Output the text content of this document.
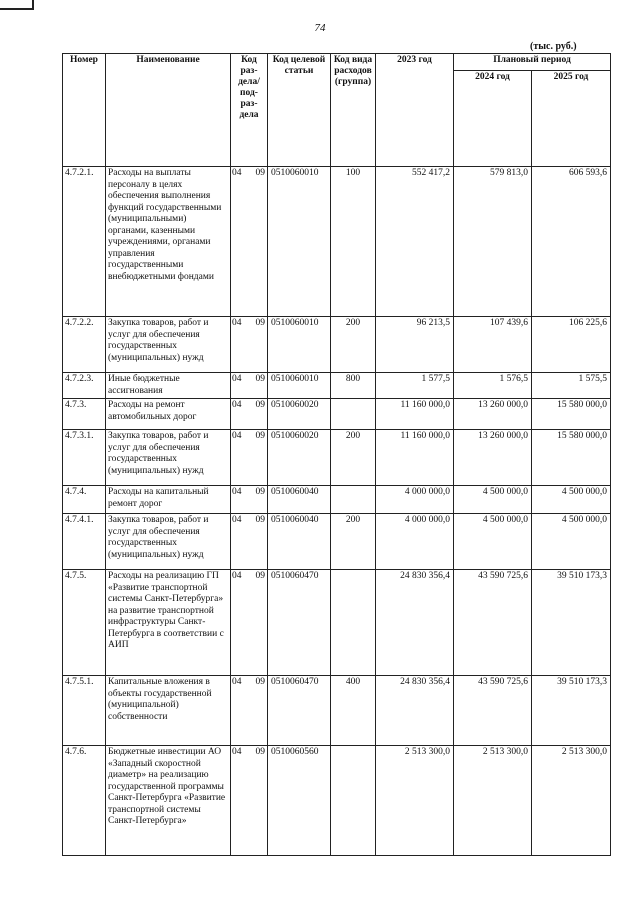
74
(тыс. руб.)
Номер	Наименование	Код раз-дела/ под-раз-дела		Код целевой статьи	Код вида расходов (группа)	2023 год	Плановый период	
							2024 год	2025 год
4.7.2.1.	Расходы на выплаты персоналу в целях обеспечения выполнения функций государственными (муниципальными) органами, казенными учреждениями, органами управления государственными внебюджетными фондами	04	09	0510060010	100	552 417,2	579 813,0	606 593,6
4.7.2.2.	Закупка товаров, работ и услуг для обеспечения государственных (муниципальных) нужд	04	09	0510060010	200	96 213,5	107 439,6	106 225,6
4.7.2.3.	Иные бюджетные ассигнования	04	09	0510060010	800	1 577,5	1 576,5	1 575,5
4.7.3.	Расходы на ремонт автомобильных дорог	04	09	0510060020		11 160 000,0	13 260 000,0	15 580 000,0
4.7.3.1.	Закупка товаров, работ и услуг для обеспечения государственных (муниципальных) нужд	04	09	0510060020	200	11 160 000,0	13 260 000,0	15 580 000,0
4.7.4.	Расходы на капитальный ремонт дорог	04	09	0510060040		4 000 000,0	4 500 000,0	4 500 000,0
4.7.4.1.	Закупка товаров, работ и услуг для обеспечения государственных (муниципальных) нужд	04	09	0510060040	200	4 000 000,0	4 500 000,0	4 500 000,0
4.7.5.	Расходы на реализацию ГП «Развитие транспортной системы Санкт-Петербурга» на развитие транспортной инфраструктуры Санкт-Петербурга в соответствии с АИП	04	09	0510060470		24 830 356,4	43 590 725,6	39 510 173,3
4.7.5.1.	Капитальные вложения в объекты государственной (муниципальной) собственности	04	09	0510060470	400	24 830 356,4	43 590 725,6	39 510 173,3
4.7.6.	Бюджетные инвестиции АО «Западный скоростной диаметр» на реализацию государственной программы Санкт-Петербурга «Развитие транспортной системы Санкт-Петербурга»	04	09	0510060560		2 513 300,0	2 513 300,0	2 513 300,0
